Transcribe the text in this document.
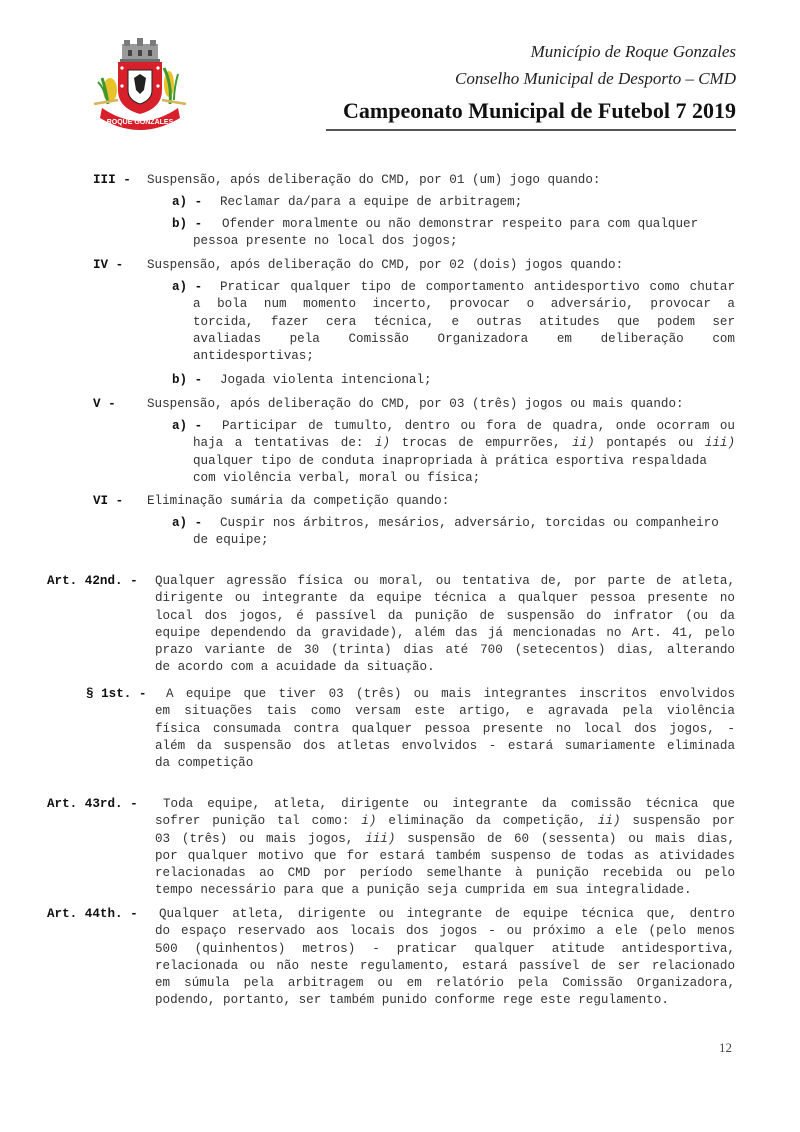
ROQUE GONZALES
Município de Roque Gonzales
Conselho Municipal de Desporto – CMD
Campeonato Municipal de Futebol 7 2019
III - Suspensão, após deliberação do CMD, por 01 (um) jogo quando:
a) - Reclamar da/para a equipe de arbitragem;
b) - Ofender moralmente ou não demonstrar respeito para com qualquer
pessoa presente no local dos jogos;
IV - Suspensão, após deliberação do CMD, por 02 (dois) jogos quando:
a) -	Praticar qualquer tipo de comportamento antidesportivo como chutar
a bola num momento incerto, provocar o adversário, provocar a
torcida, fazer cera técnica, e outras atitudes que podem ser
avaliadas pela Comissão Organizadora em deliberação com
antidesportivas;
b) - Jogada violenta intencional;
V - Suspensão, após deliberação do CMD, por 03 (três) jogos ou mais quando:
a) -	Participar de tumulto, dentro ou fora de quadra, onde ocorram ou
haja a tentativas de: i) trocas de empurrões, ii) pontapés ou iii)
qualquer tipo de conduta inapropriada à prática esportiva respaldada
com violência verbal, moral ou física;
VI - Eliminação sumária da competição quando:
a) - Cuspir nos árbitros, mesários, adversário, torcidas ou companheiro
de equipe;
Art. 42nd. - Qualquer agressão física ou moral, ou tentativa de, por parte de atleta,
dirigente ou integrante da equipe técnica a qualquer pessoa presente no
local dos jogos, é passível da punição de suspensão do infrator (ou da
equipe dependendo da gravidade), além das já mencionadas no Art. 41, pelo
prazo variante de 30 (trinta) dias até 700 (setecentos) dias, alterando
de acordo com a acuidade da situação.
§ 1st. -	A equipe que tiver 03 (três) ou mais integrantes inscritos envolvidos
em situações tais como versam este artigo, e agravada pela violência
física consumada contra qualquer pessoa presente no local dos jogos, -
além da suspensão dos atletas envolvidos - estará sumariamente eliminada
da competição
Art. 43rd. -	Toda equipe, atleta, dirigente ou integrante da comissão técnica que
sofrer punição tal como: i) eliminação da competição, ii) suspensão por
03 (três) ou mais jogos, iii) suspensão de 60 (sessenta) ou mais dias,
por qualquer motivo que for estará também suspenso de todas as atividades
relacionadas ao CMD por período semelhante à punição recebida ou pelo
tempo necessário para que a punição seja cumprida em sua integralidade.
Art. 44th. -	Qualquer atleta, dirigente ou integrante de equipe técnica que, dentro
do espaço reservado aos locais dos jogos - ou próximo a ele (pelo menos
500 (quinhentos) metros) - praticar qualquer atitude antidesportiva,
relacionada ou não neste regulamento, estará passível de ser relacionado
em súmula pela arbitragem ou em relatório pela Comissão Organizadora,
podendo, portanto, ser também punido conforme rege este regulamento.
12
